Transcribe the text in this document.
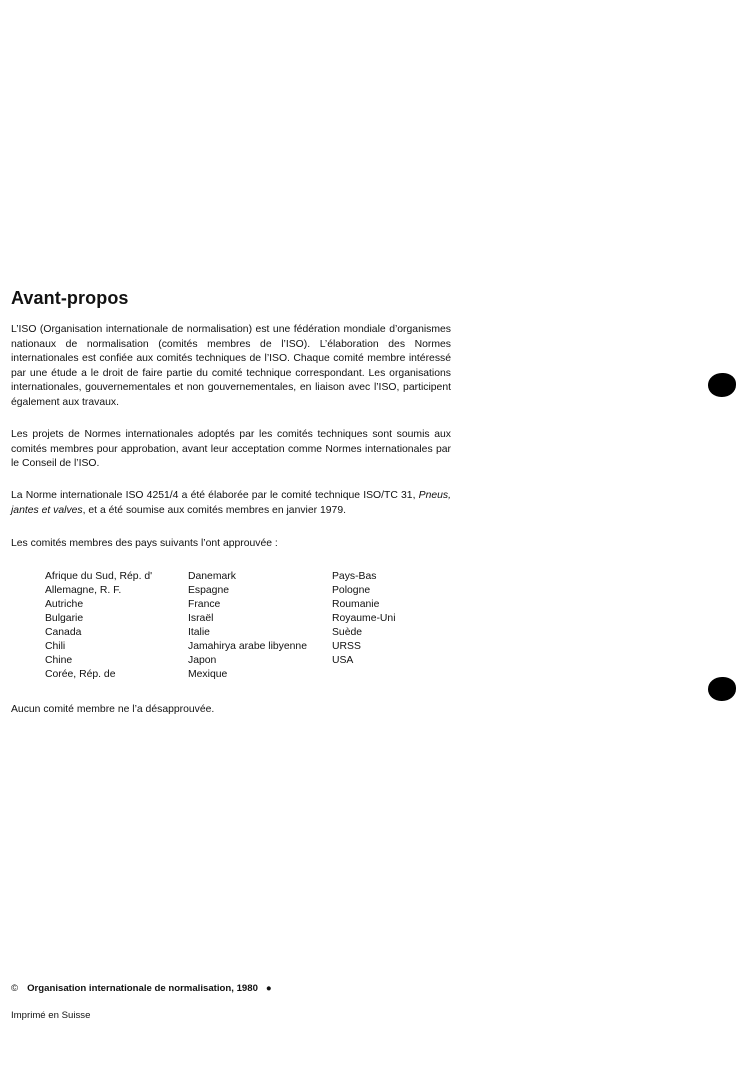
Avant-propos

L’ISO (Organisation internationale de normalisation) est une fédération mondiale d’organismes nationaux de normalisation (comités membres de l’ISO). L’élaboration des Normes internationales est confiée aux comités techniques de l’ISO. Chaque comité membre intéressé par une étude a le droit de faire partie du comité technique correspondant. Les organisations internationales, gouvernementales et non gouvernementales, en liaison avec l’ISO, participent également aux travaux.

Les projets de Normes internationales adoptés par les comités techniques sont soumis aux comités membres pour approbation, avant leur acceptation comme Normes internationales par le Conseil de l’ISO.

La Norme internationale ISO 4251/4 a été élaborée par le comité technique ISO/TC 31, Pneus, jantes et valves, et a été soumise aux comités membres en janvier 1979.

Les comités membres des pays suivants l’ont approuvée :

Afrique du Sud, Rép. d'
Allemagne, R. F.
Autriche
Bulgarie
Canada
Chili
Chine
Corée, Rép. de
Danemark
Espagne
France
Israël
Italie
Jamahirya arabe libyenne
Japon
Mexique
Pays-Bas
Pologne
Roumanie
Royaume-Uni
Suède
URSS
USA

Aucun comité membre ne l’a désapprouvée.

© Organisation internationale de normalisation, 1980 ●
Imprimé en Suisse
